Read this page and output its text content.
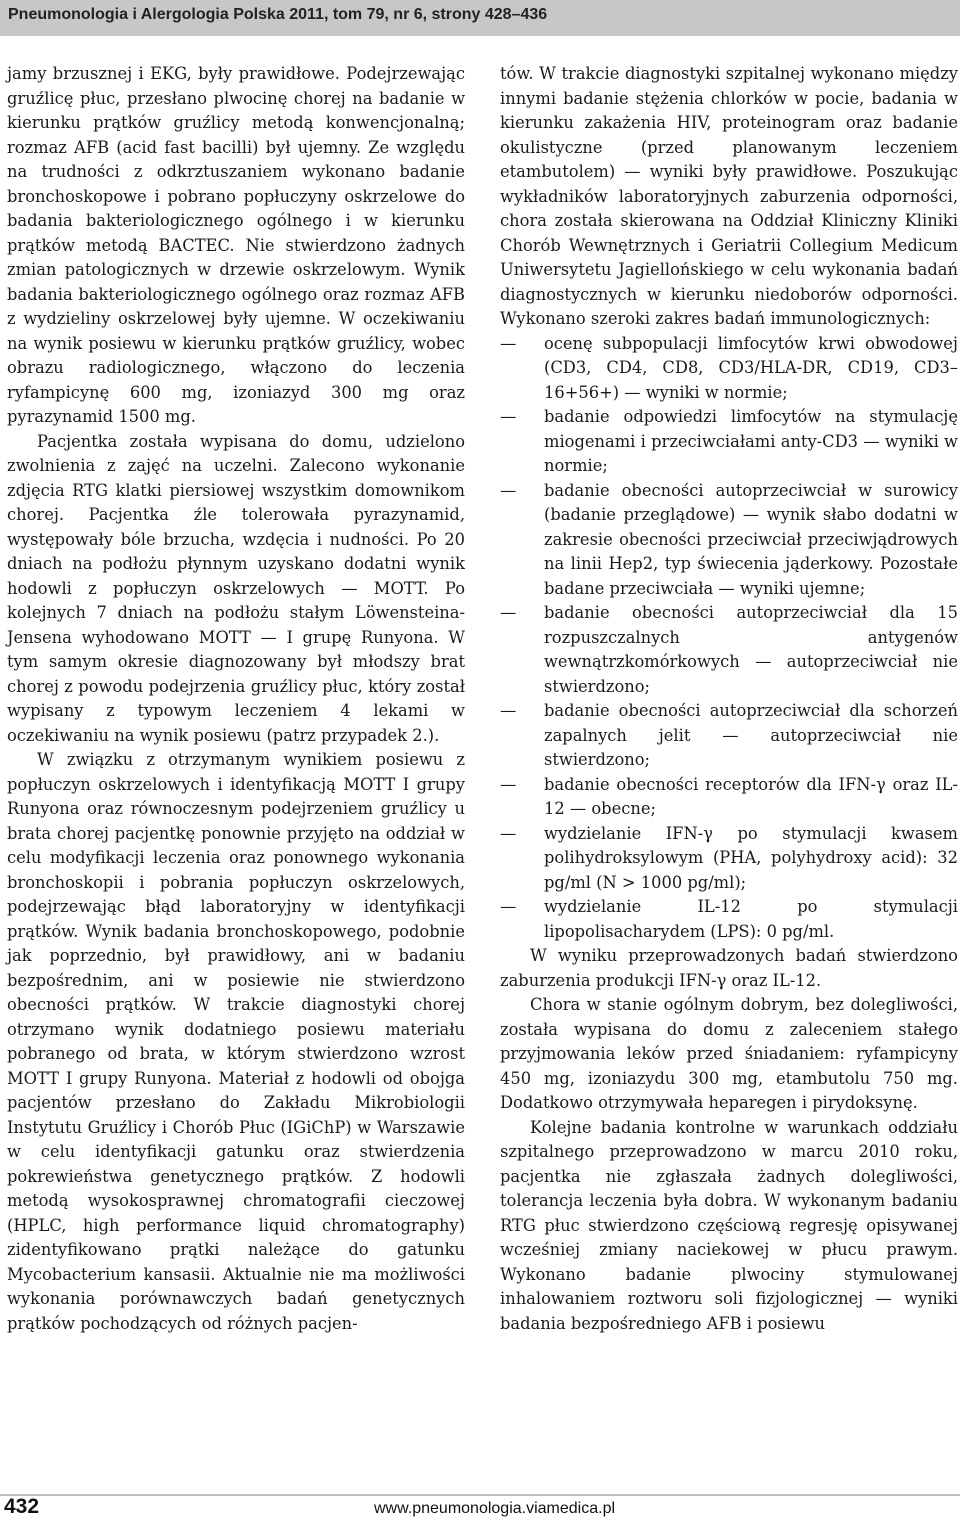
Pneumonologia i Alergologia Polska 2011, tom 79, nr 6, strony 428–436

jamy brzusznej i EKG, były prawidłowe. Podejrzewając gruźlicę płuc, przesłano plwocinę chorej na badanie w kierunku prątków gruźlicy metodą konwencjonalną; rozmaz AFB (acid fast bacilli) był ujemny. Ze względu na trudności z odkrztuszaniem wykonano badanie bronchoskopowe i pobrano popłuczyny oskrzelowe do badania bakteriologicznego ogólnego i w kierunku prątków metodą BACTEC. Nie stwierdzono żadnych zmian patologicznych w drzewie oskrzelowym. Wynik badania bakteriologicznego ogólnego oraz rozmaz AFB z wydzieliny oskrzelowej były ujemne. W oczekiwaniu na wynik posiewu w kierunku prątków gruźlicy, wobec obrazu radiologicznego, włączono do leczenia ryfampicynę 600 mg, izoniazyd 300 mg oraz pyrazynamid 1500 mg.

Pacjentka została wypisana do domu, udzielono zwolnienia z zajęć na uczelni. Zalecono wykonanie zdjęcia RTG klatki piersiowej wszystkim domownikom chorej. Pacjentka źle tolerowała pyrazynamid, występowały bóle brzucha, wzdęcia i nudności. Po 20 dniach na podłożu płynnym uzyskano dodatni wynik hodowli z popłuczyn oskrzelowych — MOTT. Po kolejnych 7 dniach na podłożu stałym Löwensteina-Jensena wyhodowano MOTT — I grupę Runyona. W tym samym okresie diagnozowany był młodszy brat chorej z powodu podejrzenia gruźlicy płuc, który został wypisany z typowym leczeniem 4 lekami w oczekiwaniu na wynik posiewu (patrz przypadek 2.).

W związku z otrzymanym wynikiem posiewu z popłuczyn oskrzelowych i identyfikacją MOTT I grupy Runyona oraz równoczesnym podejrzeniem gruźlicy u brata chorej pacjentkę ponownie przyjęto na oddział w celu modyfikacji leczenia oraz ponownego wykonania bronchoskopii i pobrania popłuczyn oskrzelowych, podejrzewając błąd laboratoryjny w identyfikacji prątków. Wynik badania bronchoskopowego, podobnie jak poprzednio, był prawidłowy, ani w badaniu bezpośrednim, ani w posiewie nie stwierdzono obecności prątków. W trakcie diagnostyki chorej otrzymano wynik dodatniego posiewu materiału pobranego od brata, w którym stwierdzono wzrost MOTT I grupy Runyona. Materiał z hodowli od obojga pacjentów przesłano do Zakładu Mikrobiologii Instytutu Gruźlicy i Chorób Płuc (IGiChP) w Warszawie w celu identyfikacji gatunku oraz stwierdzenia pokrewieństwa genetycznego prątków. Z hodowli metodą wysokosprawnej chromatografii cieczowej (HPLC, high performance liquid chromatography) zidentyfikowano prątki należące do gatunku Mycobacterium kansasii. Aktualnie nie ma możliwości wykonania porównawczych badań genetycznych prątków pochodzących od różnych pacjen-

tów. W trakcie diagnostyki szpitalnej wykonano między innymi badanie stężenia chlorków w pocie, badania w kierunku zakażenia HIV, proteinogram oraz badanie okulistyczne (przed planowanym leczeniem etambutolem) — wyniki były prawidłowe. Poszukując wykładników laboratoryjnych zaburzenia odporności, chora została skierowana na Oddział Kliniczny Kliniki Chorób Wewnętrznych i Geriatrii Collegium Medicum Uniwersytetu Jagiellońskiego w celu wykonania badań diagnostycznych w kierunku niedoborów odporności. Wykonano szeroki zakres badań immunologicznych:

—	ocenę subpopulacji limfocytów krwi obwodowej (CD3, CD4, CD8, CD3/HLA-DR, CD19, CD3–16+56+) — wyniki w normie;
—	badanie odpowiedzi limfocytów na stymulację miogenami i przeciwciałami anty-CD3 — wyniki w normie;
—	badanie obecności autoprzeciwciał w surowicy (badanie przeglądowe) — wynik słabo dodatni w zakresie obecności przeciwciał przeciwjądrowych na linii Hep2, typ świecenia jąderkowy. Pozostałe badane przeciwciała — wyniki ujemne;
—	badanie obecności autoprzeciwciał dla 15 rozpuszczalnych antygenów wewnątrzkomórkowych — autoprzeciwciał nie stwierdzono;
—	badanie obecności autoprzeciwciał dla schorzeń zapalnych jelit — autoprzeciwciał nie stwierdzono;
—	badanie obecności receptorów dla IFN-γ oraz IL-12 — obecne;
—	wydzielanie IFN-γ po stymulacji kwasem polihydroksylowym (PHA, polyhydroxy acid): 32 pg/ml (N > 1000 pg/ml);
—	wydzielanie IL-12 po stymulacji lipopolisacharydem (LPS): 0 pg/ml.

W wyniku przeprowadzonych badań stwierdzono zaburzenia produkcji IFN-γ oraz IL-12.

Chora w stanie ogólnym dobrym, bez dolegliwości, została wypisana do domu z zaleceniem stałego przyjmowania leków przed śniadaniem: ryfampicyny 450 mg, izoniazydu 300 mg, etambutolu 750 mg. Dodatkowo otrzymywała heparegen i pirydoksynę.

Kolejne badania kontrolne w warunkach oddziału szpitalnego przeprowadzono w marcu 2010 roku, pacjentka nie zgłaszała żadnych dolegliwości, tolerancja leczenia była dobra. W wykonanym badaniu RTG płuc stwierdzono częściową regresję opisywanej wcześniej zmiany naciekowej w płucu prawym. Wykonano badanie plwociny stymulowanej inhalowaniem roztworu soli fizjologicznej — wyniki badania bezpośredniego AFB i posiewu

432	www.pneumonologia.viamedica.pl
